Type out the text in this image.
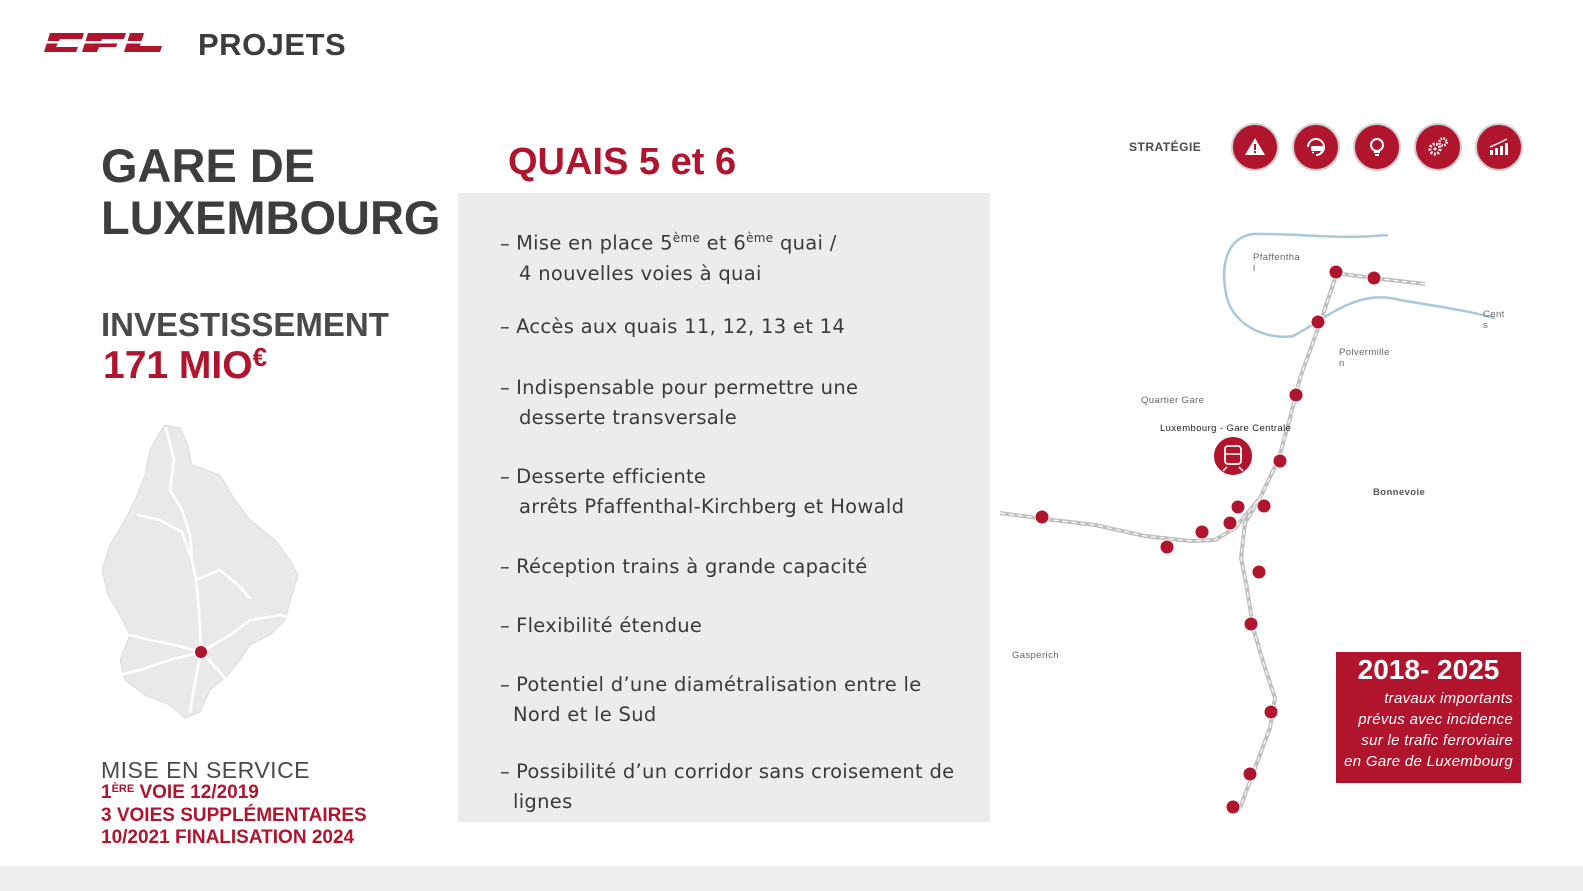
PROJETS
GARE DE
LUXEMBOURG
INVESTISSEMENT
171 MIO€
MISE EN SERVICE
1ÈRE VOIE 12/2019
3 VOIES SUPPLÉMENTAIRES
10/2021 FINALISATION 2024
QUAIS 5 et 6
– Mise en place 5ème et 6ème quai /
4 nouvelles voies à quai
– Accès aux quais 11, 12, 13 et 14
– Indispensable pour permettre une
desserte transversale
– Desserte efficiente
arrêts Pfaffenthal-Kirchberg et Howald
– Réception trains à grande capacité
– Flexibilité étendue
– Potentiel d’une diamétralisation entre le
Nord et le Sud
– Possibilité d’un corridor sans croisement de
lignes
STRATÉGIE
Pfaffentha
l
Cent
s
Polvermille
n
Quartier Gare
Luxembourg - Gare Centrale
Bonnevoie
Gasperich	2018- 2025
travaux importants
prévus avec incidence
sur le trafic ferroviaire
en Gare de Luxembourg
